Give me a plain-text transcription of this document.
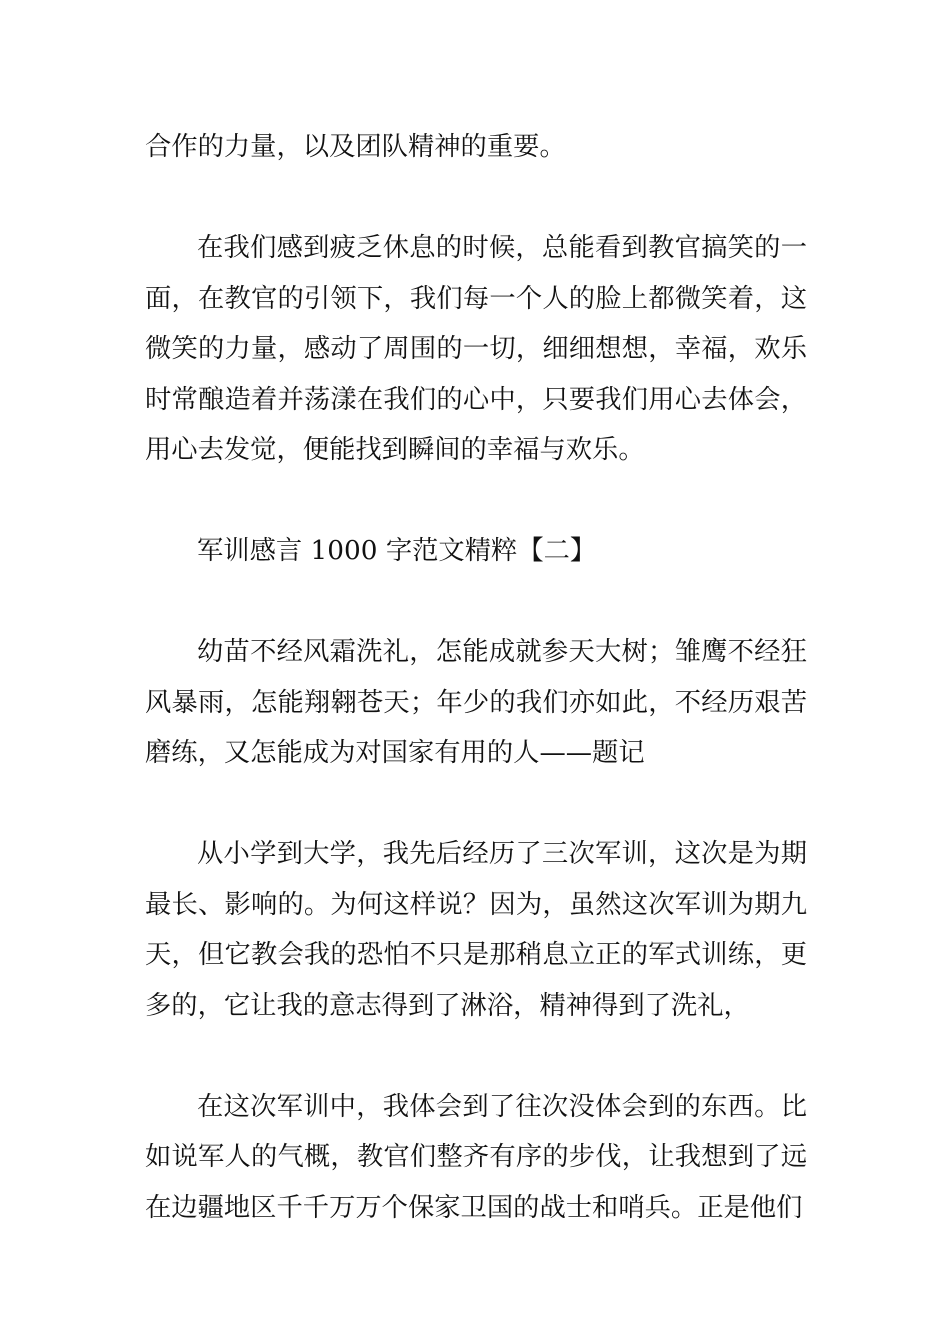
合作的力量，以及团队精神的重要。

在我们感到疲乏休息的时候，总能看到教官搞笑的一面，在教官的引领下，我们每一个人的脸上都微笑着，这微笑的力量，感动了周围的一切，细细想想，幸福，欢乐时常酿造着并荡漾在我们的心中，只要我们用心去体会，用心去发觉，便能找到瞬间的幸福与欢乐。

军训感言 1000 字范文精粹【二】

幼苗不经风霜洗礼，怎能成就参天大树；雏鹰不经狂风暴雨，怎能翔翱苍天；年少的我们亦如此，不经历艰苦磨练，又怎能成为对国家有用的人——题记

从小学到大学，我先后经历了三次军训，这次是为期最长、影响的。为何这样说？因为，虽然这次军训为期九天，但它教会我的恐怕不只是那稍息立正的军式训练，更多的，它让我的意志得到了淋浴，精神得到了洗礼，

在这次军训中，我体会到了往次没体会到的东西。比如说军人的气概，教官们整齐有序的步伐，让我想到了远在边疆地区千千万万个保家卫国的战士和哨兵。正是他们
